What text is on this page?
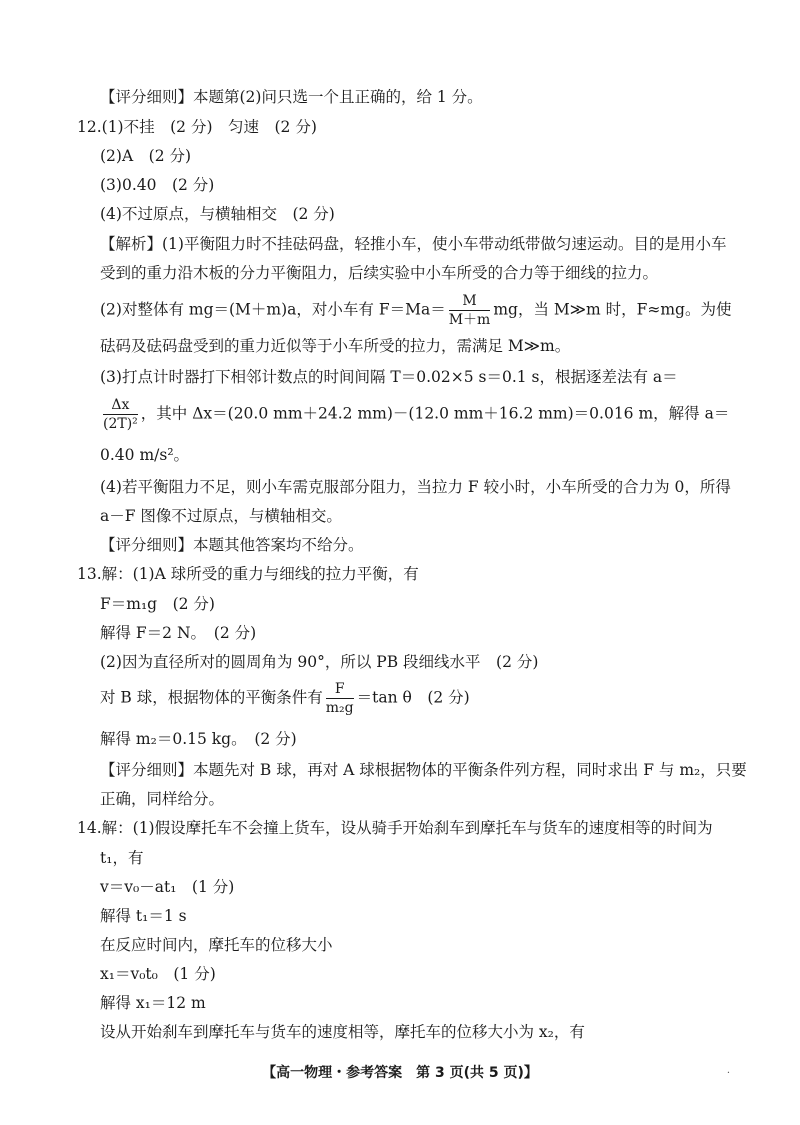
【评分细则】本题第(2)问只选一个且正确的，给 1 分。
12.(1)不挂　(2 分)　匀速　(2 分)
(2)A　(2 分)
(3)0.40　(2 分)
(4)不过原点，与横轴相交　(2 分)
【解析】(1)平衡阻力时不挂砝码盘，轻推小车，使小车带动纸带做匀速运动。目的是用小车
受到的重力沿木板的分力平衡阻力，后续实验中小车所受的合力等于细线的拉力。
(2)对整体有 mg＝(M＋m)a，对小车有 $F=Ma= \frac{M}{M+m}$ mg，当 M≫m 时，F≈mg。为使
砝码及砝码盘受到的重力近似等于小车所受的拉力，需满足 M≫m。
(3)打点计时器打下相邻计数点的时间间隔 T＝0.02×5 s＝0.1 s，根据逐差法有 a＝
$\frac{\Delta x}{\text{(2T)²}}$ ，其中 Δx＝(20.0 mm＋24.2 mm)－(12.0 mm＋16.2 mm)＝0.016 m，解得 a＝
0.40 m/s²。
(4)若平衡阻力不足，则小车需克服部分阻力，当拉力 F 较小时，小车所受的合力为 0，所得
a－F 图像不过原点，与横轴相交。
【评分细则】本题其他答案均不给分。
13.解：(1)A 球所受的重力与细线的拉力平衡，有
F＝m₁g　(2 分)
解得 F＝2 N。　(2 分)
(2)因为直径所对的圆周角为 90°，所以 PB 段细线水平　(2 分)
对 B 球，根据物体的平衡条件有 $\frac{F}{\text{m₂g}} =\tan$ θ　(2 分)
解得 m₂＝0.15 kg。　(2 分)
【评分细则】本题先对 B 球，再对 A 球根据物体的平衡条件列方程，同时求出 F 与 m₂，只要
正确，同样给分。
14.解：(1)假设摩托车不会撞上货车，设从骑手开始刹车到摩托车与货车的速度相等的时间为
t₁，有
v＝v₀－at₁　(1 分)
解得 t₁＝1 s
在反应时间内，摩托车的位移大小
x₁＝v₀t₀　(1 分)
解得 x₁＝12 m
设从开始刹车到摩托车与货车的速度相等，摩托车的位移大小为 x₂，有
【高一物理・参考答案　第 3 页(共 5 页)】	·
